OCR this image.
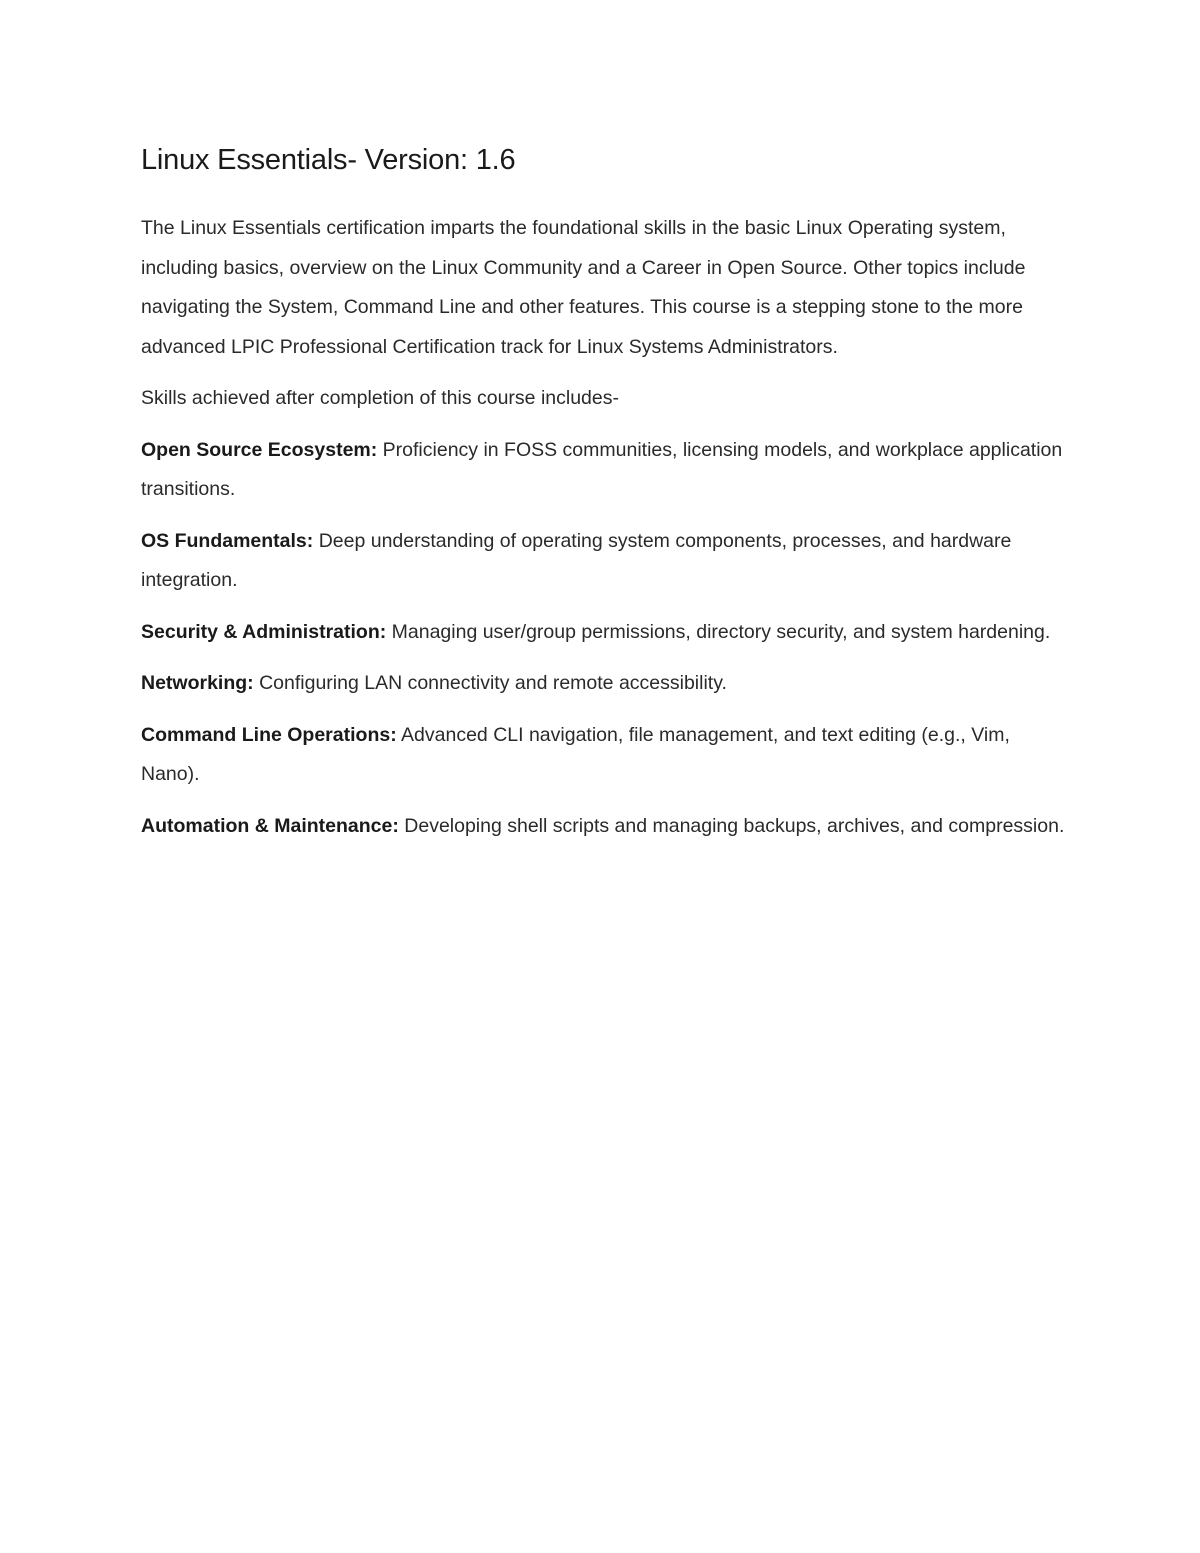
Linux Essentials- Version: 1.6

The Linux Essentials certification imparts the foundational skills in the basic Linux Operating system, including basics, overview on the Linux Community and a Career in Open Source. Other topics include navigating the System, Command Line and other features. This course is a stepping stone to the more advanced LPIC Professional Certification track for Linux Systems Administrators.

Skills achieved after completion of this course includes-

Open Source Ecosystem: Proficiency in FOSS communities, licensing models, and workplace application transitions.

OS Fundamentals: Deep understanding of operating system components, processes, and hardware integration.

Security & Administration: Managing user/group permissions, directory security, and system hardening.

Networking: Configuring LAN connectivity and remote accessibility.

Command Line Operations: Advanced CLI navigation, file management, and text editing (e.g., Vim, Nano).

Automation & Maintenance: Developing shell scripts and managing backups, archives, and compression.
